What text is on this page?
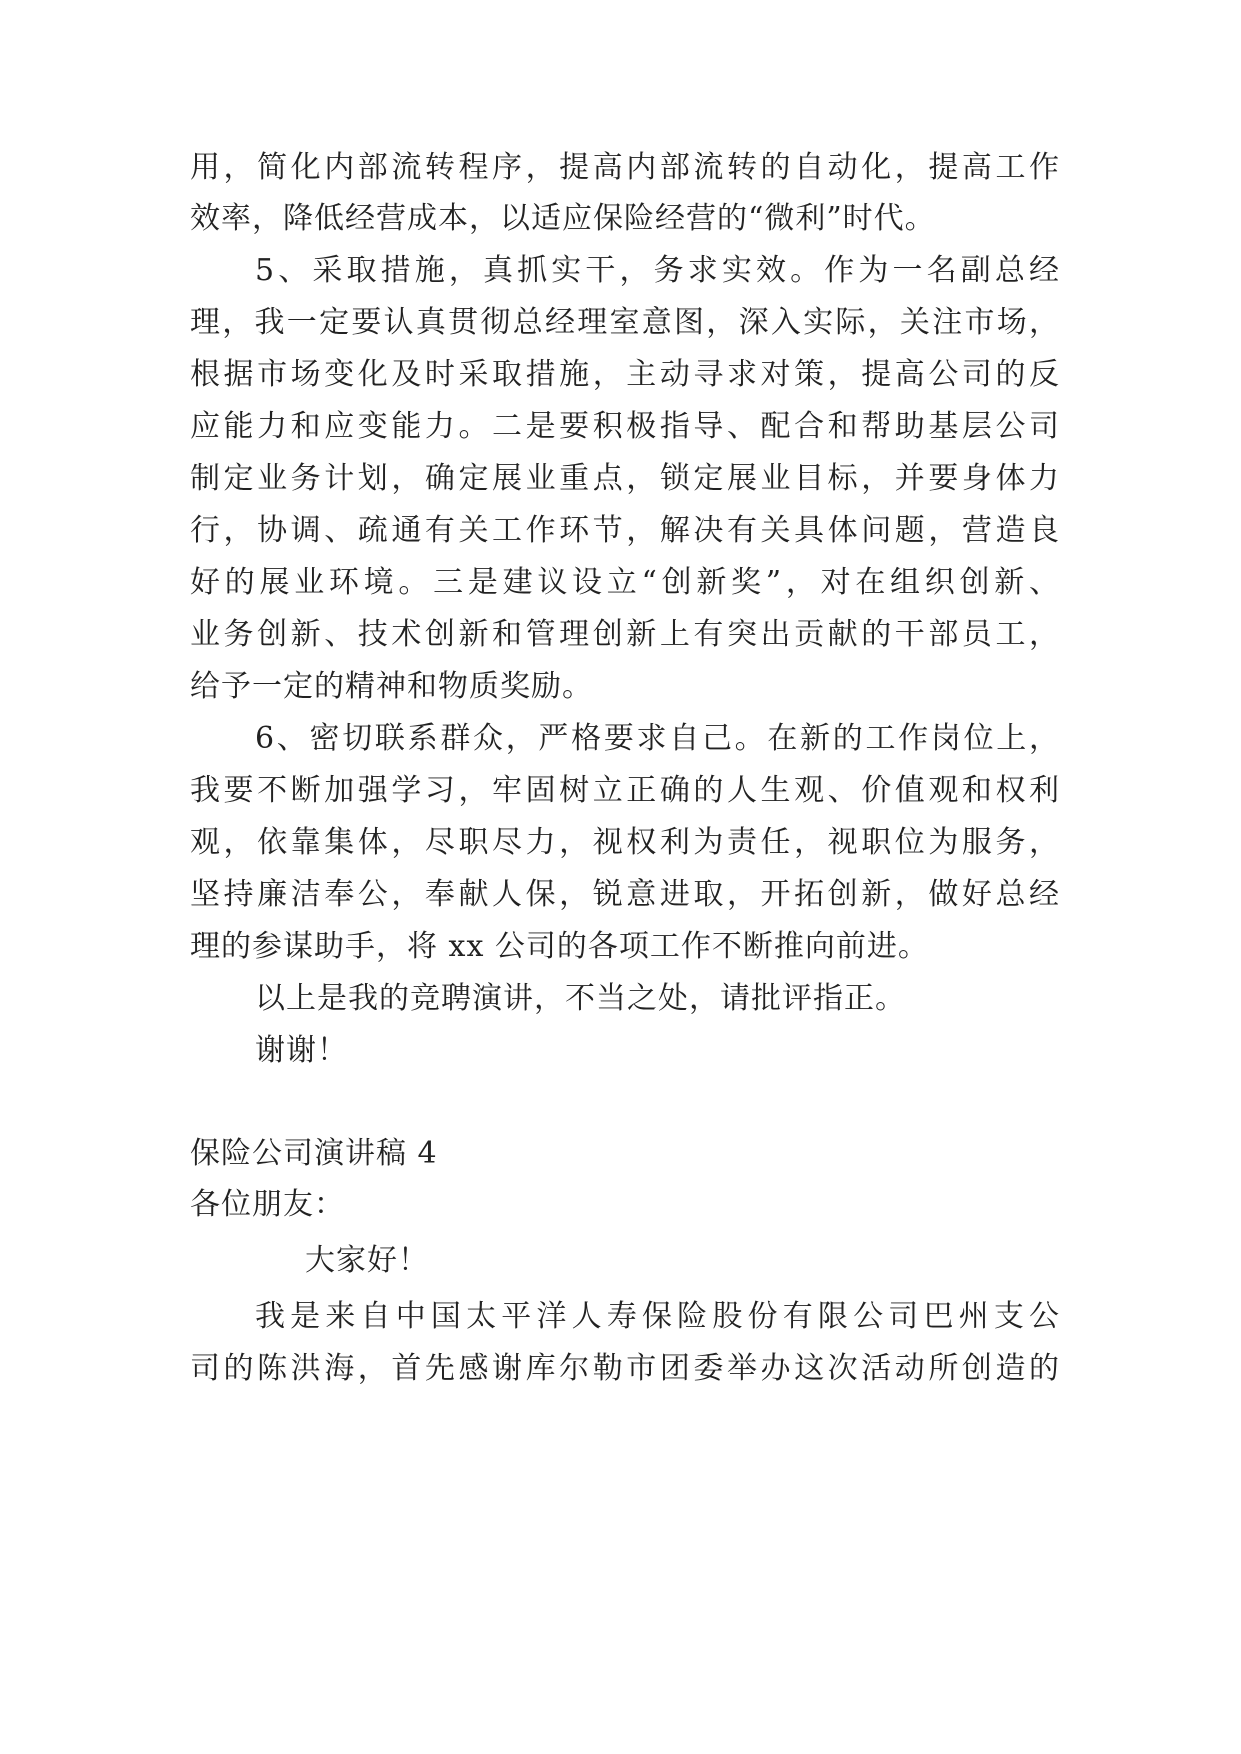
用，简化内部流转程序，提高内部流转的自动化，提高工作
效率，降低经营成本，以适应保险经营的“微利”时代。
5、采取措施，真抓实干，务求实效。作为一名副总经
理，我一定要认真贯彻总经理室意图，深入实际，关注市场，
根据市场变化及时采取措施，主动寻求对策，提高公司的反
应能力和应变能力。二是要积极指导、配合和帮助基层公司
制定业务计划，确定展业重点，锁定展业目标，并要身体力
行，协调、疏通有关工作环节，解决有关具体问题，营造良
好的展业环境。三是建议设立“创新奖”，对在组织创新、
业务创新、技术创新和管理创新上有突出贡献的干部员工，
给予一定的精神和物质奖励。
6、密切联系群众，严格要求自己。在新的工作岗位上，
我要不断加强学习，牢固树立正确的人生观、价值观和权利
观，依靠集体，尽职尽力，视权利为责任，视职位为服务，
坚持廉洁奉公，奉献人保，锐意进取，开拓创新，做好总经
理的参谋助手，将 xx 公司的各项工作不断推向前进。
以上是我的竞聘演讲，不当之处，请批评指正。
谢谢！
保险公司演讲稿 4
各位朋友：
大家好！
我是来自中国太平洋人寿保险股份有限公司巴州支公
司的陈洪海，首先感谢库尔勒市团委举办这次活动所创造的
